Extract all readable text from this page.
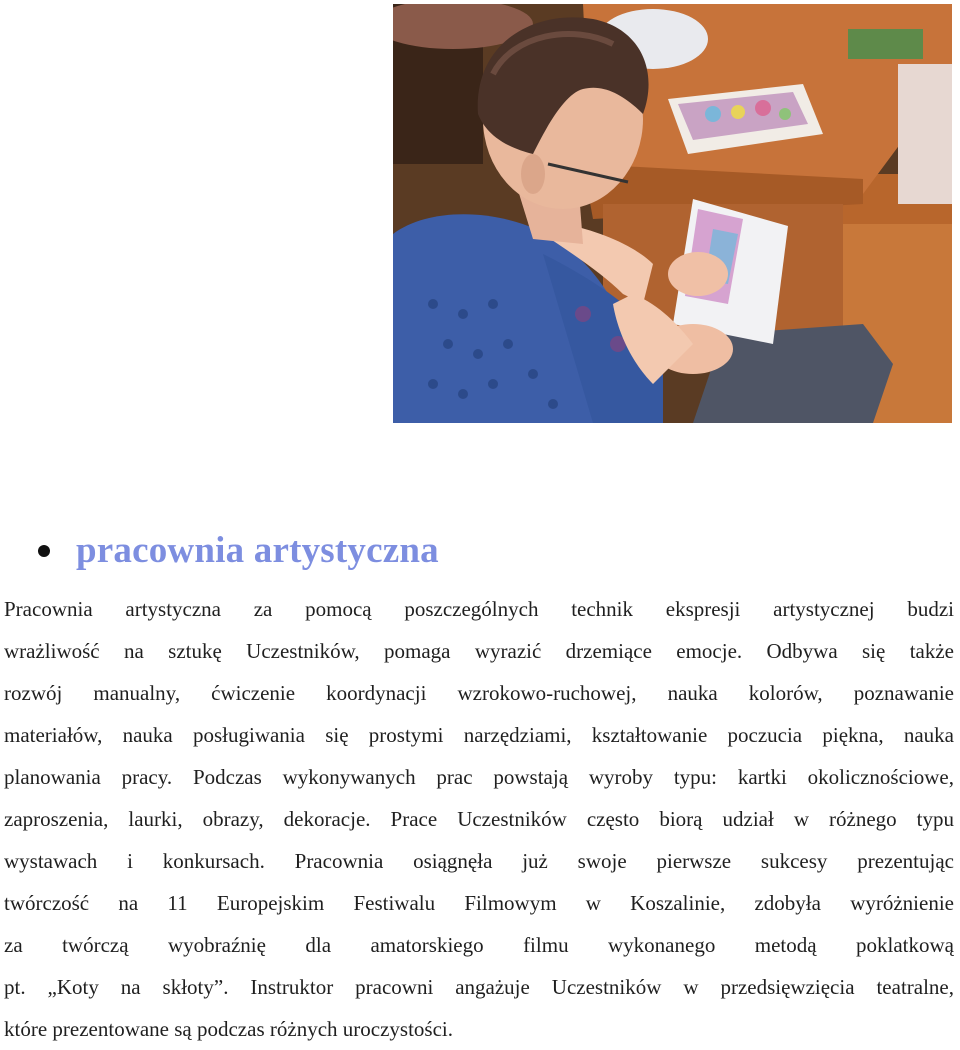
pracownia artystyczna
Pracownia artystyczna za pomocą poszczególnych technik ekspresji artystycznej budzi
wrażliwość na sztukę Uczestników, pomaga wyrazić drzemiące emocje. Odbywa się także
rozwój manualny, ćwiczenie koordynacji wzrokowo-ruchowej, nauka kolorów, poznawanie
materiałów, nauka posługiwania się prostymi narzędziami, kształtowanie poczucia piękna, nauka
planowania pracy. Podczas wykonywanych prac powstają wyroby typu: kartki okolicznościowe,
zaproszenia, laurki, obrazy, dekoracje. Prace Uczestników często biorą udział w różnego typu
wystawach i konkursach. Pracownia osiągnęła już swoje pierwsze sukcesy prezentując
twórczość na 11 Europejskim Festiwalu Filmowym w Koszalinie, zdobyła wyróżnienie
za twórczą wyobraźnię dla amatorskiego filmu wykonanego metodą poklatkową
pt. „Koty na skłoty”. Instruktor pracowni angażuje Uczestników w przedsięwzięcia teatralne,
które prezentowane są podczas różnych uroczystości.
